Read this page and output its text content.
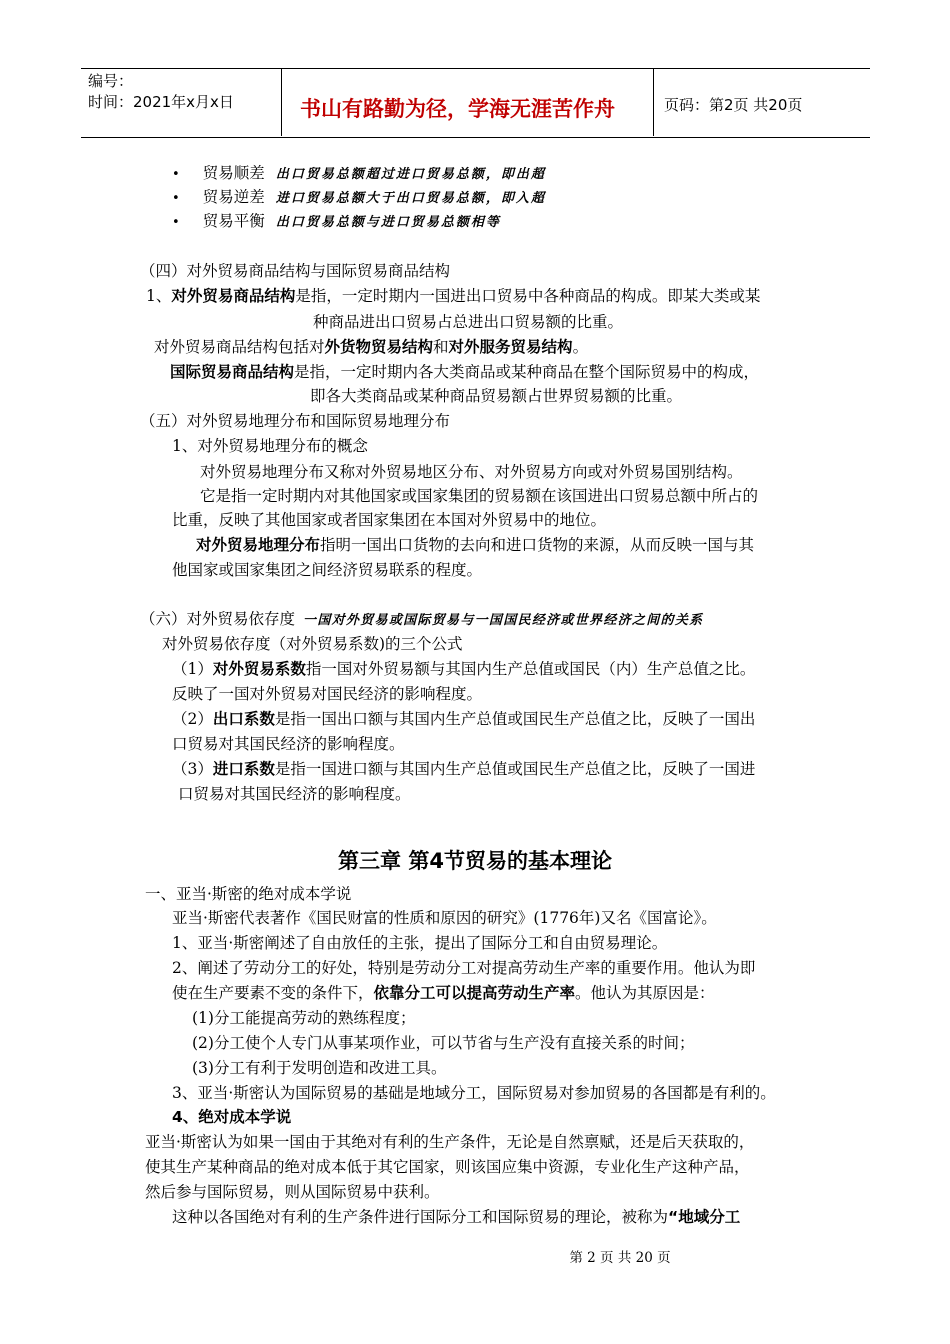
编号：
时间：2021年x月x日	书山有路勤为径，学海无涯苦作舟	页码：第2页 共20页
• 贸易顺差 出口贸易总额超过进口贸易总额，即出超
• 贸易逆差 进口贸易总额大于出口贸易总额，即入超
• 贸易平衡 出口贸易总额与进口贸易总额相等
（四）对外贸易商品结构与国际贸易商品结构
1、对外贸易商品结构是指，一定时期内一国进出口贸易中各种商品的构成。即某大类或某
种商品进出口贸易占总进出口贸易额的比重。
对外贸易商品结构包括对外货物贸易结构和对外服务贸易结构。
国际贸易商品结构是指，一定时期内各大类商品或某种商品在整个国际贸易中的构成，
即各大类商品或某种商品贸易额占世界贸易额的比重。
（五）对外贸易地理分布和国际贸易地理分布
1、对外贸易地理分布的概念
对外贸易地理分布又称对外贸易地区分布、对外贸易方向或对外贸易国别结构。
它是指一定时期内对其他国家或国家集团的贸易额在该国进出口贸易总额中所占的
比重，反映了其他国家或者国家集团在本国对外贸易中的地位。
对外贸易地理分布指明一国出口货物的去向和进口货物的来源，从而反映一国与其
他国家或国家集团之间经济贸易联系的程度。
（六）对外贸易依存度 一国对外贸易或国际贸易与一国国民经济或世界经济之间的关系
对外贸易依存度（对外贸易系数)的三个公式
（1）对外贸易系数指一国对外贸易额与其国内生产总值或国民（内）生产总值之比。
反映了一国对外贸易对国民经济的影响程度。
（2）出口系数是指一国出口额与其国内生产总值或国民生产总值之比，反映了一国出
口贸易对其国民经济的影响程度。
（3）进口系数是指一国进口额与其国内生产总值或国民生产总值之比，反映了一国进
口贸易对其国民经济的影响程度。
第三章 第4节贸易的基本理论
一、亚当·斯密的绝对成本学说
亚当·斯密代表著作《国民财富的性质和原因的研究》(1776年)又名《国富论》。
1、亚当·斯密阐述了自由放任的主张，提出了国际分工和自由贸易理论。
2、阐述了劳动分工的好处，特别是劳动分工对提高劳动生产率的重要作用。他认为即
使在生产要素不变的条件下，依靠分工可以提高劳动生产率。他认为其原因是：
(1)分工能提高劳动的熟练程度；
(2)分工使个人专门从事某项作业，可以节省与生产没有直接关系的时间；
(3)分工有利于发明创造和改进工具。
3、亚当·斯密认为国际贸易的基础是地域分工，国际贸易对参加贸易的各国都是有利的。
4、绝对成本学说
亚当·斯密认为如果一国由于其绝对有利的生产条件，无论是自然禀赋，还是后天获取的，
使其生产某种商品的绝对成本低于其它国家，则该国应集中资源，专业化生产这种产品，
然后参与国际贸易，则从国际贸易中获利。
这种以各国绝对有利的生产条件进行国际分工和国际贸易的理论，被称为“地域分工
第 2 页 共 20 页
